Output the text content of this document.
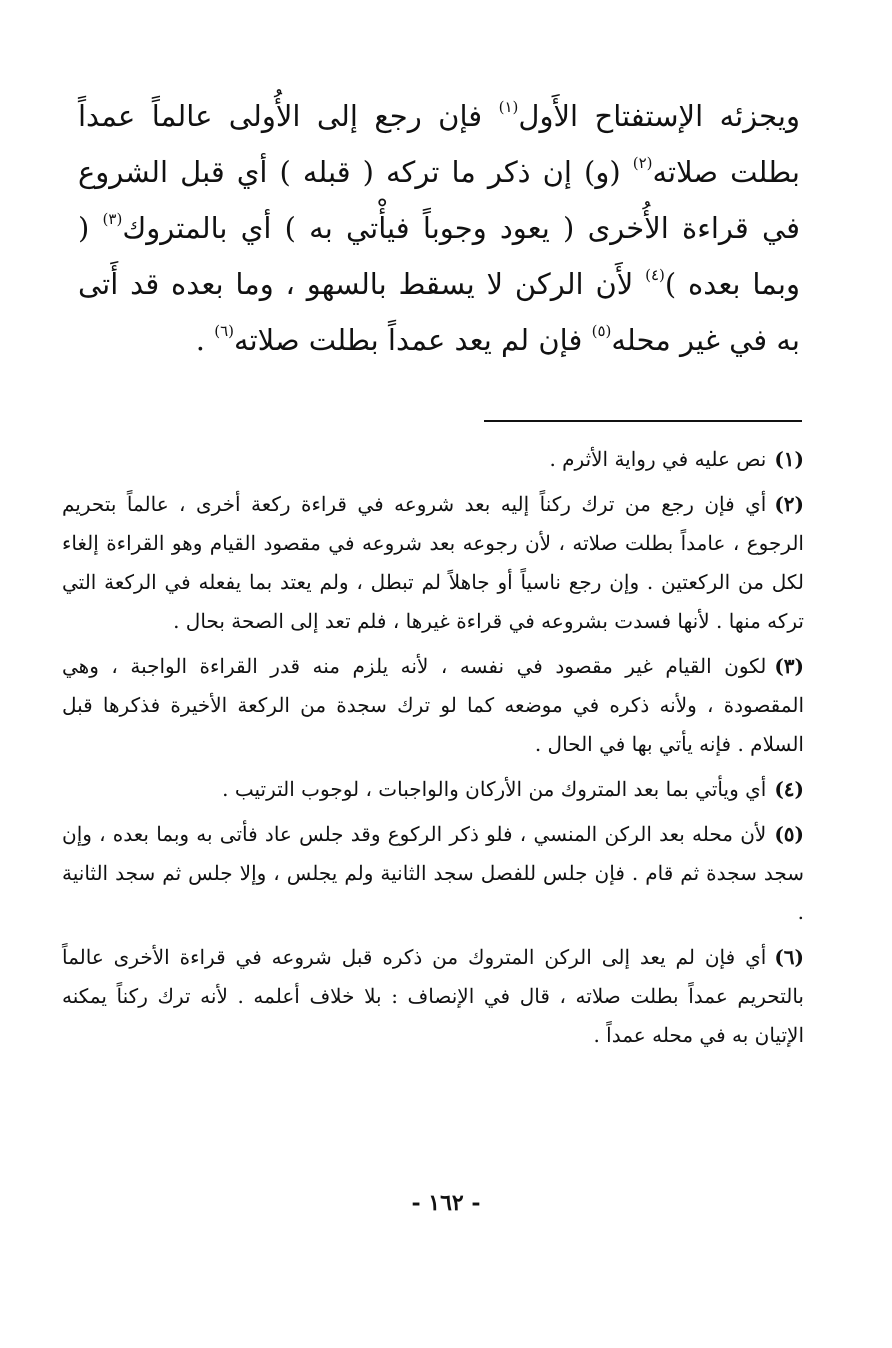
ويجزئه الإستفتاح الأَول$^{(١)}$ فإن رجع إلى الأُولى عالماً عمداً بطلت صلاته$^{(٢)}$ (و) إن ذكر ما تركه ( قبله ) أي قبل الشروع في قراءة الأُخرى ( يعود وجوباً فيأْتي به ) أي بالمتروك$^{(٣)}$ ( وبما بعده )$^{(٤)}$ لأَن الركن لا يسقط بالسهو ، وما بعده قد أَتى به في غير محله$^{(٥)}$ فإن لم يعد عمداً بطلت صلاته$^{(٦)}$ .

(١)نص عليه في رواية الأثرم .

(٢)أي فإن رجع من ترك ركناً إليه بعد شروعه في قراءة ركعة أخرى ، عالماً بتحريم الرجوع ، عامداً بطلت صلاته ، لأن رجوعه بعد شروعه في مقصود القيام وهو القراءة إلغاء لكل من الركعتين . وإن رجع ناسياً أو جاهلاً لم تبطل ، ولم يعتد بما يفعله في الركعة التي تركه منها . لأنها فسدت بشروعه في قراءة غيرها ، فلم تعد إلى الصحة بحال .

(٣)لكون القيام غير مقصود في نفسه ، لأنه يلزم منه قدر القراءة الواجبة ، وهي المقصودة ، ولأنه ذكره في موضعه كما لو ترك سجدة من الركعة الأخيرة فذكرها قبل السلام . فإنه يأتي بها في الحال .

(٤)أي ويأتي بما بعد المتروك من الأركان والواجبات ، لوجوب الترتيب .

(٥)لأن محله بعد الركن المنسي ، فلو ذكر الركوع وقد جلس عاد فأتى به وبما بعده ، وإن سجد سجدة ثم قام . فإن جلس للفصل سجد الثانية ولم يجلس ، وإلا جلس ثم سجد الثانية .

(٦)أي فإن لم يعد إلى الركن المتروك من ذكره قبل شروعه في قراءة الأخرى عالماً بالتحريم عمداً بطلت صلاته ، قال في الإنصاف : بلا خلاف أعلمه . لأنه ترك ركناً يمكنه الإتيان به في محله عمداً .

- ١٦٢ -
